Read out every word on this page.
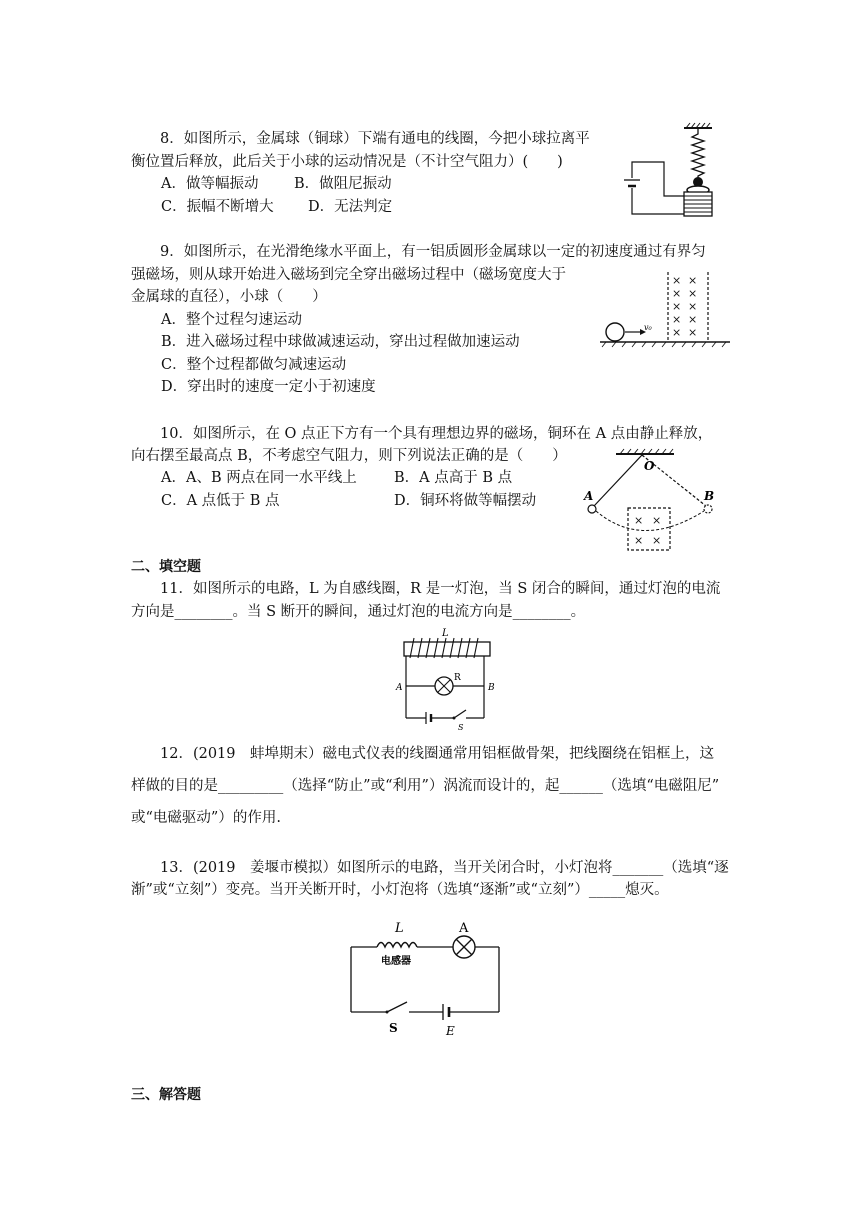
8．如图所示，金属球（铜球）下端有通电的线圈，今把小球拉离平
衡位置后释放，此后关于小球的运动情况是（不计空气阻力）(　　)
A．做等幅振动 B．做阻尼振动
C．振幅不断增大 D．无法判定
9．如图所示，在光滑绝缘水平面上，有一铝质圆形金属球以一定的初速度通过有界匀
强磁场，则从球开始进入磁场到完全穿出磁场过程中（磁场宽度大于
金属球的直径），小球（　　）
A．整个过程匀速运动
B．进入磁场过程中球做减速运动，穿出过程做加速运动
C．整个过程都做匀减速运动
D．穿出时的速度一定小于初速度
v₀
× ×
× ×
× ×
× ×
× ×
10．如图所示，在 O 点正下方有一个具有理想边界的磁场，铜环在 A 点由静止释放，
向右摆至最高点 B，不考虑空气阻力，则下列说法正确的是（　　）
A．A、B 两点在同一水平线上	B．A 点高于 B 点
C．A 点低于 B 点	D．铜环将做等幅摆动
O
A	B
× ×
× ×
二、填空题
11．如图所示的电路，L 为自感线圈，R 是一灯泡，当 S 闭合的瞬间，通过灯泡的电流
方向是________。当 S 断开的瞬间，通过灯泡的电流方向是________。
L
R
A	B
S
12．(2019　蚌埠期末）磁电式仪表的线圈通常用铝框做骨架，把线圈绕在铝框上，这
样做的目的是_________（选择“防止”或“利用”）涡流而设计的，起______（选填“电磁阻尼”
或“电磁驱动”）的作用.
13．(2019　姜堰市模拟）如图所示的电路，当开关闭合时，小灯泡将_______（选填“逐
渐”或“立刻”）变亮。当开关断开时，小灯泡将（选填“逐渐”或“立刻”）_____熄灭。
L	A
电感器
S	E
三、解答题
